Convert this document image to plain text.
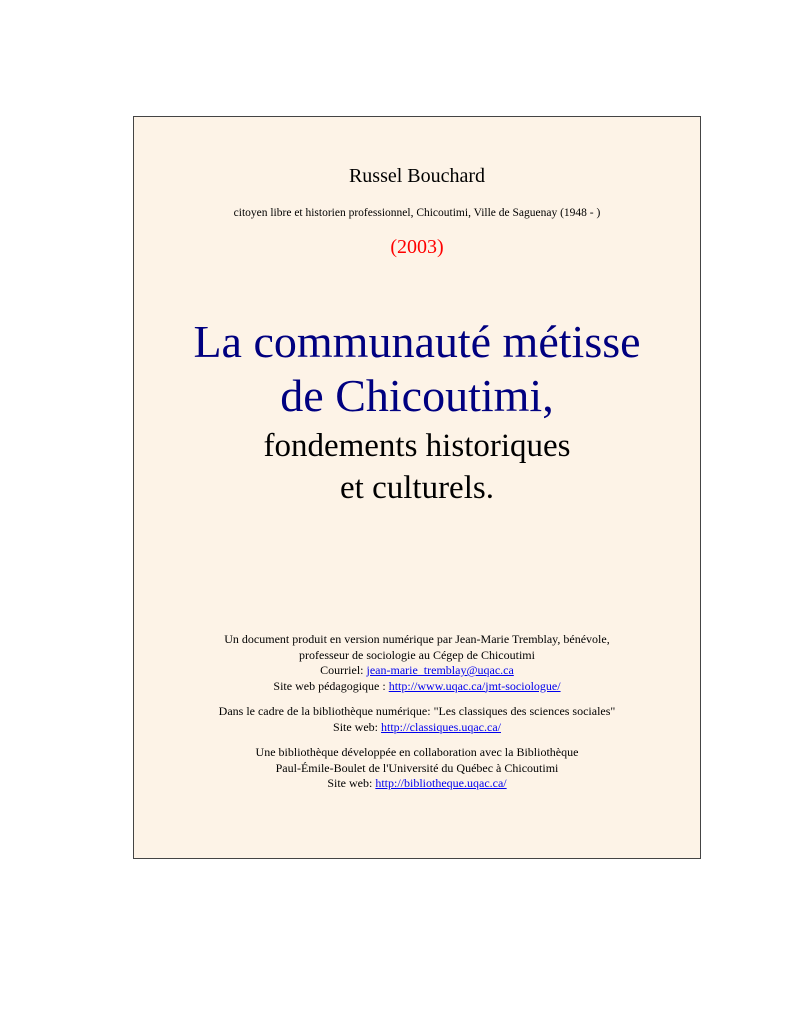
Russel Bouchard
citoyen libre et historien professionnel, Chicoutimi, Ville de Saguenay (1948 - )
(2003)
La communauté métisse
de Chicoutimi,
fondements historiques
et culturels.

Un document produit en version numérique par Jean-Marie Tremblay, bénévole,

professeur de sociologie au Cégep de Chicoutimi

Courriel: jean-marie_tremblay@uqac.ca

Site web pédagogique : http://www.uqac.ca/jmt-sociologue/

Dans le cadre de la bibliothèque numérique: "Les classiques des sciences sociales"

Site web: http://classiques.uqac.ca/

Une bibliothèque développée en collaboration avec la Bibliothèque

Paul-Émile-Boulet de l'Université du Québec à Chicoutimi

Site web: http://bibliotheque.uqac.ca/
